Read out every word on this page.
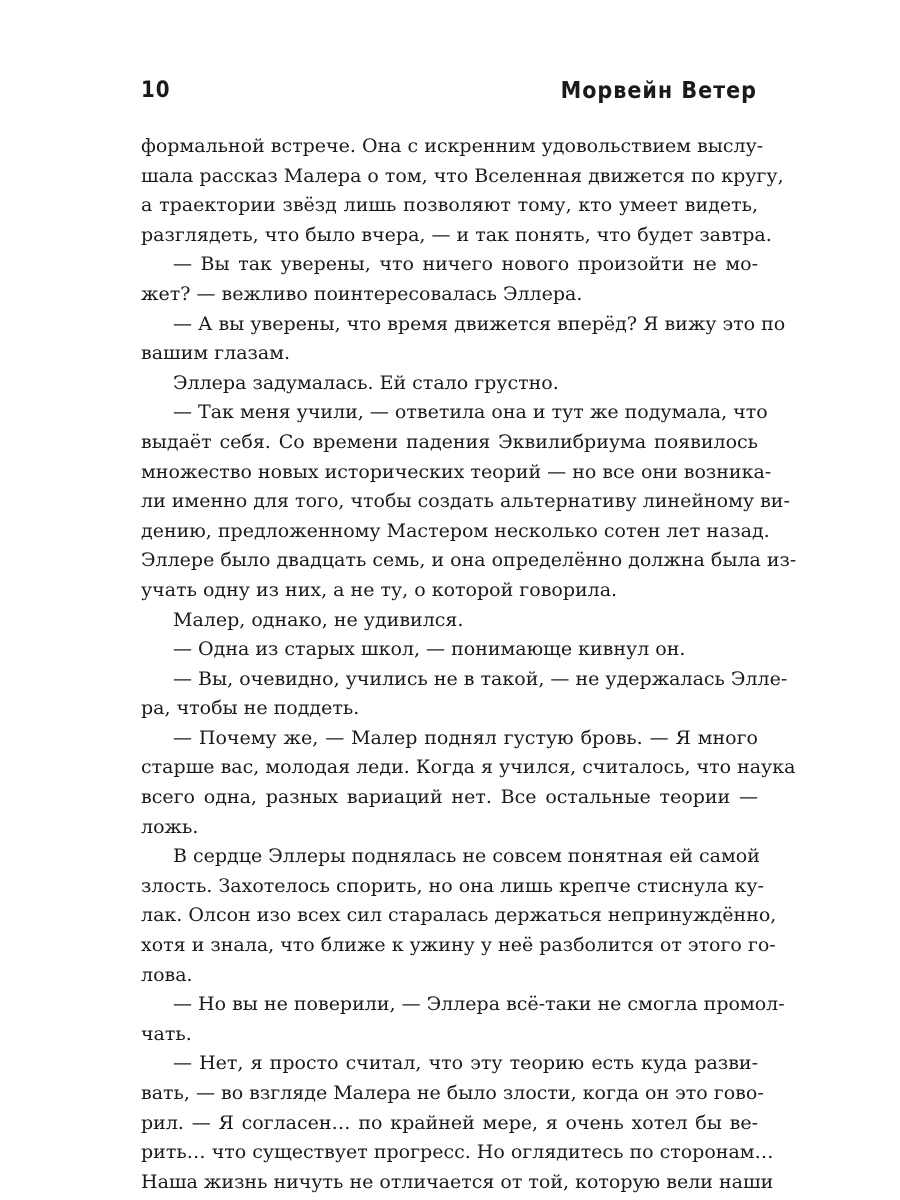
10	Морвейн Ветер

формальной встрече. Она с искренним удовольствием выслу-
шала рассказ Малера о том, что Вселенная движется по кругу,
а траектории звёзд лишь позволяют тому, кто умеет видеть,
разглядеть, что было вчера, — и так понять, что будет завтра.

— Вы так уверены, что ничего нового произойти не мо-
жет? — вежливо поинтересовалась Эллера.

— А вы уверены, что время движется вперёд? Я вижу это по
вашим глазам.

Эллера задумалась. Ей стало грустно.

— Так меня учили, — ответила она и тут же подумала, что
выдаёт себя. Со времени падения Эквилибриума появилось
множество новых исторических теорий — но все они возника-
ли именно для того, чтобы создать альтернативу линейному ви-
дению, предложенному Мастером несколько сотен лет назад.
Эллере было двадцать семь, и она определённо должна была из-
учать одну из них, а не ту, о которой говорила.

Малер, однако, не удивился.

— Одна из старых школ, — понимающе кивнул он.

— Вы, очевидно, учились не в такой, — не удержалась Элле-
ра, чтобы не поддеть.

— Почему же, — Малер поднял густую бровь. — Я много
старше вас, молодая леди. Когда я учился, считалось, что наука
всего одна, разных вариаций нет. Все остальные теории —
ложь.

В сердце Эллеры поднялась не совсем понятная ей самой
злость. Захотелось спорить, но она лишь крепче стиснула ку-
лак. Олсон изо всех сил старалась держаться непринуждённо,
хотя и знала, что ближе к ужину у неё разболится от этого го-
лова.

— Но вы не поверили, — Эллера всё-таки не смогла промол-
чать.

— Нет, я просто считал, что эту теорию есть куда разви-
вать, — во взгляде Малера не было злости, когда он это гово-
рил. — Я согласен… по крайней мере, я очень хотел бы ве-
рить… что существует прогресс. Но оглядитесь по сторонам…
Наша жизнь ничуть не отличается от той, которую вели наши
